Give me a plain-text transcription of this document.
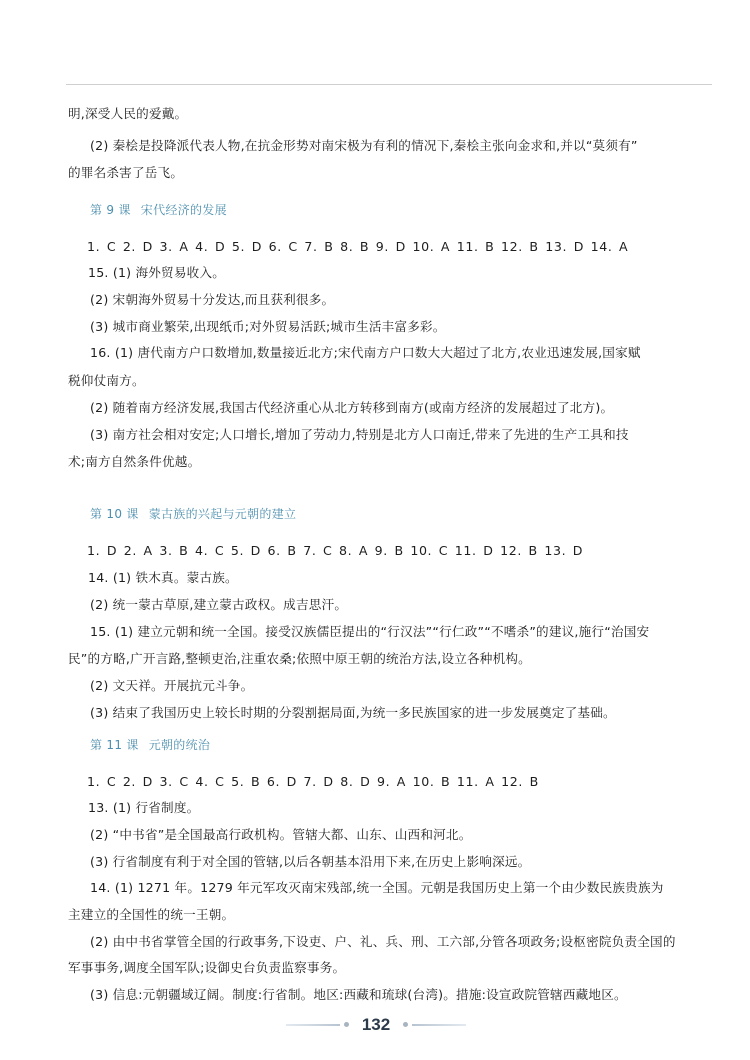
明,深受人民的爱戴。
(2) 秦桧是投降派代表人物,在抗金形势对南宋极为有利的情况下,秦桧主张向金求和,并以“莫须有”
的罪名杀害了岳飞。
第 9 课 宋代经济的发展
1. C 2. D 3. A 4. D 5. D 6. C 7. B 8. B 9. D 10. A 11. B 12. B 13. D 14. A
15. (1) 海外贸易收入。
(2) 宋朝海外贸易十分发达,而且获利很多。
(3) 城市商业繁荣,出现纸币;对外贸易活跃;城市生活丰富多彩。
16. (1) 唐代南方户口数增加,数量接近北方;宋代南方户口数大大超过了北方,农业迅速发展,国家赋
税仰仗南方。
(2) 随着南方经济发展,我国古代经济重心从北方转移到南方(或南方经济的发展超过了北方)。
(3) 南方社会相对安定;人口增长,增加了劳动力,特别是北方人口南迁,带来了先进的生产工具和技
术;南方自然条件优越。
第 10 课 蒙古族的兴起与元朝的建立
1. D 2. A 3. B 4. C 5. D 6. B 7. C 8. A 9. B 10. C 11. D 12. B 13. D
14. (1) 铁木真。蒙古族。
(2) 统一蒙古草原,建立蒙古政权。成吉思汗。
15. (1) 建立元朝和统一全国。接受汉族儒臣提出的“行汉法”“行仁政”“不嗜杀”的建议,施行“治国安
民”的方略,广开言路,整顿吏治,注重农桑;依照中原王朝的统治方法,设立各种机构。
(2) 文天祥。开展抗元斗争。
(3) 结束了我国历史上较长时期的分裂割据局面,为统一多民族国家的进一步发展奠定了基础。
第 11 课 元朝的统治
1. C 2. D 3. C 4. C 5. B 6. D 7. D 8. D 9. A 10. B 11. A 12. B
13. (1) 行省制度。
(2) “中书省”是全国最高行政机构。管辖大都、山东、山西和河北。
(3) 行省制度有利于对全国的管辖,以后各朝基本沿用下来,在历史上影响深远。
14. (1) 1271 年。1279 年元军攻灭南宋残部,统一全国。元朝是我国历史上第一个由少数民族贵族为
主建立的全国性的统一王朝。
(2) 由中书省掌管全国的行政事务,下设吏、户、礼、兵、刑、工六部,分管各项政务;设枢密院负责全国的
军事事务,调度全国军队;设御史台负责监察事务。
(3) 信息:元朝疆域辽阔。制度:行省制。地区:西藏和琉球(台湾)。措施:设宣政院管辖西藏地区。
132
